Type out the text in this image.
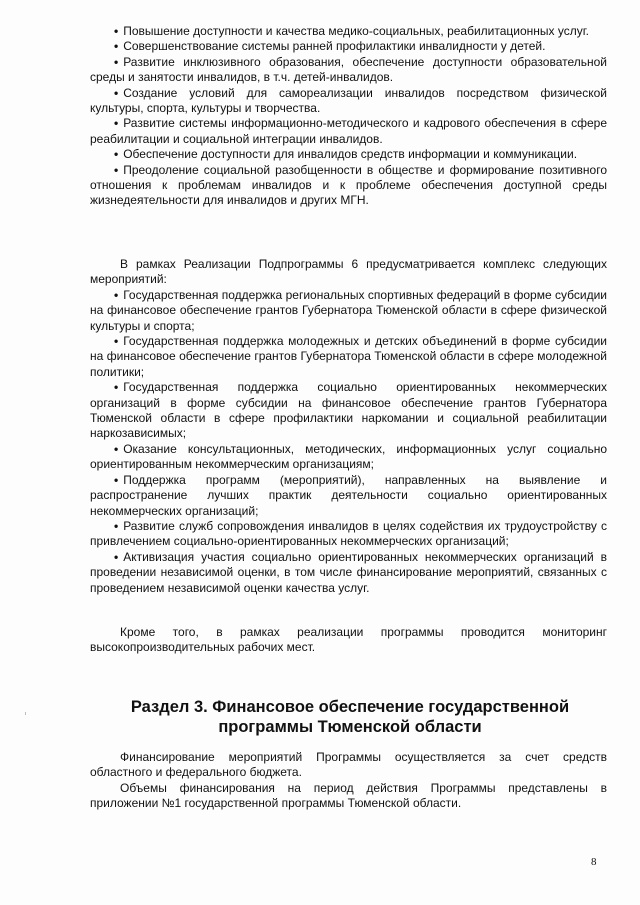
• Повышение доступности и качества медико-социальных, реабилитационных услуг.

• Совершенствование системы ранней профилактики инвалидности у детей.

• Развитие инклюзивного образования, обеспечение доступности образовательной среды и занятости инвалидов, в т.ч. детей-инвалидов.

• Создание условий для самореализации инвалидов посредством физической культуры, спорта, культуры и творчества.

• Развитие системы информационно-методического и кадрового обеспечения в сфере реабилитации и социальной интеграции инвалидов.

• Обеспечение доступности для инвалидов средств информации и коммуникации.

• Преодоление социальной разобщенности в обществе и формирование позитивного отношения к проблемам инвалидов и к проблеме обеспечения доступной среды жизнедеятельности для инвалидов и других МГН.

В рамках Реализации Подпрограммы 6 предусматривается комплекс следующих мероприятий:

• Государственная поддержка региональных спортивных федераций в форме субсидии на финансовое обеспечение грантов Губернатора Тюменской области в сфере физической культуры и спорта;

• Государственная поддержка молодежных и детских объединений в форме субсидии на финансовое обеспечение грантов Губернатора Тюменской области в сфере молодежной политики;

• Государственная поддержка социально ориентированных некоммерческих организаций в форме субсидии на финансовое обеспечение грантов Губернатора Тюменской области в сфере профилактики наркомании и социальной реабилитации наркозависимых;

• Оказание консультационных, методических, информационных услуг социально ориентированным некоммерческим организациям;

• Поддержка программ (мероприятий), направленных на выявление и распространение лучших практик деятельности социально ориентированных некоммерческих организаций;

• Развитие служб сопровождения инвалидов в целях содействия их трудоустройству с привлечением социально-ориентированных некоммерческих организаций;

• Активизация участия социально ориентированных некоммерческих организаций в проведении независимой оценки, в том числе финансирование мероприятий, связанных с проведением независимой оценки качества услуг.

Кроме того, в рамках реализации программы проводится мониторинг высокопроизводительных рабочих мест.

Раздел 3. Финансовое обеспечение государственной программы Тюменской области

Финансирование мероприятий Программы осуществляется за счет средств областного и федерального бюджета.

Объемы финансирования на период действия Программы представлены в приложении №1 государственной программы Тюменской области.

8
